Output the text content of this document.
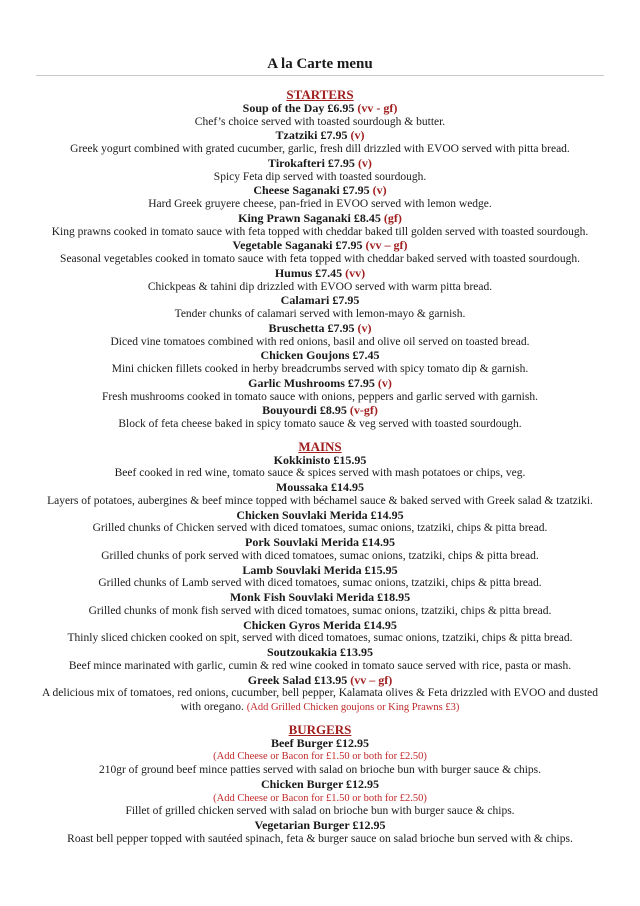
A la Carte menu
STARTERS
Soup of the Day £6.95 (vv - gf)
Chef’s choice served with toasted sourdough & butter.
Tzatziki £7.95 (v)
Greek yogurt combined with grated cucumber, garlic, fresh dill drizzled with EVOO served with pitta bread.
Tirokafteri £7.95 (v)
Spicy Feta dip served with toasted sourdough.
Cheese Saganaki £7.95 (v)
Hard Greek gruyere cheese, pan-fried in EVOO served with lemon wedge.
King Prawn Saganaki £8.45 (gf)
King prawns cooked in tomato sauce with feta topped with cheddar baked till golden served with toasted sourdough.
Vegetable Saganaki £7.95 (vv – gf)
Seasonal vegetables cooked in tomato sauce with feta topped with cheddar baked served with toasted sourdough.
Humus £7.45 (vv)
Chickpeas & tahini dip drizzled with EVOO served with warm pitta bread.
Calamari £7.95
Tender chunks of calamari served with lemon-mayo & garnish.
Bruschetta £7.95 (v)
Diced vine tomatoes combined with red onions, basil and olive oil served on toasted bread.
Chicken Goujons £7.45
Mini chicken fillets cooked in herby breadcrumbs served with spicy tomato dip & garnish.
Garlic Mushrooms £7.95 (v)
Fresh mushrooms cooked in tomato sauce with onions, peppers and garlic served with garnish.
Bouyourdi £8.95 (v-gf)
Block of feta cheese baked in spicy tomato sauce & veg served with toasted sourdough.
MAINS
Kokkinisto £15.95
Beef cooked in red wine, tomato sauce & spices served with mash potatoes or chips, veg.
Moussaka £14.95
Layers of potatoes, aubergines & beef mince topped with béchamel sauce & baked served with Greek salad & tzatziki.
Chicken Souvlaki Merida £14.95
Grilled chunks of Chicken served with diced tomatoes, sumac onions, tzatziki, chips & pitta bread.
Pork Souvlaki Merida £14.95
Grilled chunks of pork served with diced tomatoes, sumac onions, tzatziki, chips & pitta bread.
Lamb Souvlaki Merida £15.95
Grilled chunks of Lamb served with diced tomatoes, sumac onions, tzatziki, chips & pitta bread.
Monk Fish Souvlaki Merida £18.95
Grilled chunks of monk fish served with diced tomatoes, sumac onions, tzatziki, chips & pitta bread.
Chicken Gyros Merida £14.95
Thinly sliced chicken cooked on spit, served with diced tomatoes, sumac onions, tzatziki, chips & pitta bread.
Soutzoukakia £13.95
Beef mince marinated with garlic, cumin & red wine cooked in tomato sauce served with rice, pasta or mash.
Greek Salad £13.95 (vv – gf)
A delicious mix of tomatoes, red onions, cucumber, bell pepper, Kalamata olives & Feta drizzled with EVOO and dusted with oregano. (Add Grilled Chicken goujons or King Prawns £3)
BURGERS
Beef Burger £12.95
(Add Cheese or Bacon for £1.50 or both for £2.50)
210gr of ground beef mince patties served with salad on brioche bun with burger sauce & chips.
Chicken Burger £12.95
(Add Cheese or Bacon for £1.50 or both for £2.50)
Fillet of grilled chicken served with salad on brioche bun with burger sauce & chips.
Vegetarian Burger £12.95
Roast bell pepper topped with sautéed spinach, feta & burger sauce on salad brioche bun served with & chips.
